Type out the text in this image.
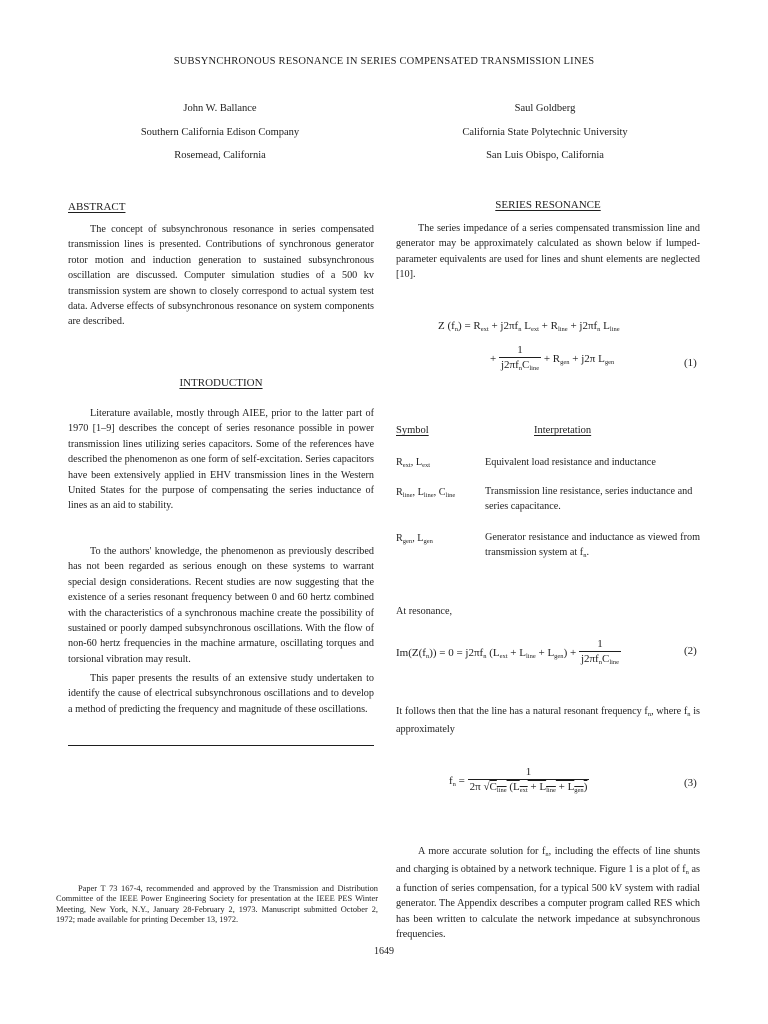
SUBSYNCHRONOUS RESONANCE IN SERIES COMPENSATED TRANSMISSION LINES
John W. Ballance
Southern California Edison Company
Rosemead, California
Saul Goldberg
California State Polytechnic University
San Luis Obispo, California
ABSTRACT
The concept of subsynchronous resonance in series compensated transmission lines is presented. Contributions of synchronous generator rotor motion and induction generation to sustained subsynchronous oscillation are discussed. Computer simulation studies of a 500 kv transmission system are shown to closely correspond to actual system test data. Adverse effects of subsynchronous resonance on system components are described.
INTRODUCTION
Literature available, mostly through AIEE, prior to the latter part of 1970 [1–9] describes the concept of series resonance possible in power transmission lines utilizing series capacitors. Some of the references have described the phenomenon as one form of self-excitation. Series capacitors have been extensively applied in EHV transmission lines in the Western United States for the purpose of compensating the series inductance of lines as an aid to stability.
To the authors' knowledge, the phenomenon as previously described has not been regarded as serious enough on these systems to warrant special design considerations. Recent studies are now suggesting that the existence of a series resonant frequency between 0 and 60 hertz combined with the characteristics of a synchronous machine create the possibility of sustained or poorly damped subsynchronous oscillations. With the flow of non-60 hertz frequencies in the machine armature, oscillating torques and torsional vibration may result.
This paper presents the results of an extensive study undertaken to identify the cause of electrical subsynchronous oscillations and to develop a method of predicting the frequency and magnitude of these oscillations.
Paper T 73 167-4, recommended and approved by the Transmission and Distribution Committee of the IEEE Power Engineering Society for presentation at the IEEE PES Winter Meeting, New York, N.Y., January 28-February 2, 1973. Manuscript submitted October 2, 1972; made available for printing December 13, 1972.
1649
SERIES RESONANCE
The series impedance of a series compensated transmission line and generator may be approximately calculated as shown below if lumped-parameter equivalents are used for lines and shunt elements are neglected [10].
Z $(f_n) = R_{ext} + j2\pi f_n$ $L_{ext} + R_{line} + j2\pi f_n$ $L_{line}$
+ $\frac{1}{j2\pi f_nC_{line}} + R_{gen} + j2\pi$ $L_{gen}$	(1)
Symbol	Interpretation
$R_{ext}$, $L_{ext}$	Equivalent load resistance and inductance
$R_{line}$, $L_{line}$, $C_{line}$	Transmission line resistance, series inductance and series capacitance.
$R_{gen}$, $L_{gen}$	Generator resistance and inductance as viewed from transmission system at $f_n$.
At resonance,
$Im(Z(f_n)) = 0 = j2\pi f_n$ $(L_{ext} + L_{line} + L_{gen}) + \frac{1}{j2\pi f_nC_{line}}$	(2)
It follows then that the line has a natural resonant frequency $f_n$, where $f_n$ is approximately
$f_n = \frac{1}{2\pi √C_{line} (L_{ext} + L_{line} + L_{gen})}$	(3)
A more accurate solution for $f_n$, including the effects of line shunts and charging is obtained by a network technique. Figure 1 is a plot of $f_n$ as a function of series compensation, for a typical 500 kV system with radial generator. The Appendix describes a computer program called RES which has been written to calculate the network impedance at subsynchronous frequencies.
